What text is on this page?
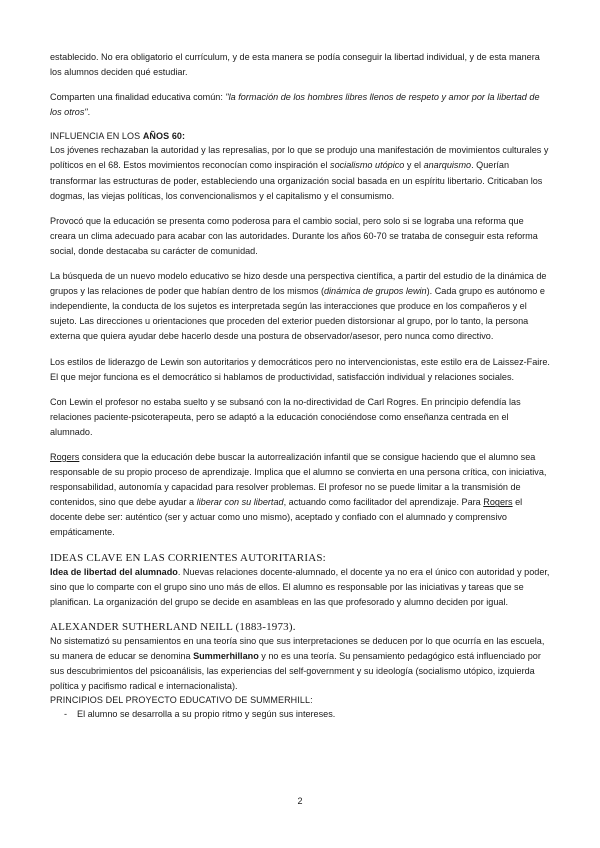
establecido. No era obligatorio el currículum, y de esta manera se podía conseguir la libertad individual, y de esta manera los alumnos deciden qué estudiar.

Comparten una finalidad educativa común: "la formación de los hombres libres llenos de respeto y amor por la libertad de los otros".

INFLUENCIA EN LOS AÑOS 60:

Los jóvenes rechazaban la autoridad y las represalias, por lo que se produjo una manifestación de movimientos culturales y políticos en el 68. Estos movimientos reconocían como inspiración el socialismo utópico y el anarquismo. Querían transformar las estructuras de poder, estableciendo una organización social basada en un espíritu libertario. Criticaban los dogmas, las viejas políticas, los convencionalismos y el capitalismo y el consumismo.

Provocó que la educación se presenta como poderosa para el cambio social, pero solo si se lograba una reforma que creara un clima adecuado para acabar con las autoridades. Durante los años 60-70 se trataba de conseguir esta reforma social, donde destacaba su carácter de comunidad.

La búsqueda de un nuevo modelo educativo se hizo desde una perspectiva científica, a partir del estudio de la dinámica de grupos y las relaciones de poder que habían dentro de los mismos (dinámica de grupos lewin). Cada grupo es autónomo e independiente, la conducta de los sujetos es interpretada según las interacciones que produce en los compañeros y el sujeto. Las direcciones u orientaciones que proceden del exterior pueden distorsionar al grupo, por lo tanto, la persona externa que quiera ayudar debe hacerlo desde una postura de observador/asesor, pero nunca como directivo.

Los estilos de liderazgo de Lewin son autoritarios y democráticos pero no intervencionistas, este estilo era de Laissez-Faire. El que mejor funciona es el democrático si hablamos de productividad, satisfacción individual y relaciones sociales.

Con Lewin el profesor no estaba suelto y se subsanó con la no-directividad de Carl Rogres. En principio defendía las relaciones paciente-psicoterapeuta, pero se adaptó a la educación conociéndose como enseñanza centrada en el alumnado.

Rogers considera que la educación debe buscar la autorrealización infantil que se consigue haciendo que el alumno sea responsable de su propio proceso de aprendizaje. Implica que el alumno se convierta en una persona crítica, con iniciativa, responsabilidad, autonomía y capacidad para resolver problemas. El profesor no se puede limitar a la transmisión de contenidos, sino que debe ayudar a liberar con su libertad, actuando como facilitador del aprendizaje. Para Rogers el docente debe ser: auténtico (ser y actuar como uno mismo), aceptado y confiado con el alumnado y comprensivo empáticamente.

IDEAS CLAVE EN LAS CORRIENTES AUTORITARIAS:

Idea de libertad del alumnado. Nuevas relaciones docente-alumnado, el docente ya no era el único con autoridad y poder, sino que lo comparte con el grupo sino uno más de ellos. El alumno es responsable por las iniciativas y tareas que se planifican. La organización del grupo se decide en asambleas en las que profesorado y alumno deciden por igual.

ALEXANDER SUTHERLAND NEILL (1883-1973).

No sistematizó su pensamientos en una teoría sino que sus interpretaciones se deducen por lo que ocurría en las escuela, su manera de educar se denomina Summerhillano y no es una teoría. Su pensamiento pedagógico está influenciado por sus descubrimientos del psicoanálisis, las experiencias del self-government y su ideología (socialismo utópico, izquierda política y pacifismo radical e internacionalista).

PRINCIPIOS DEL PROYECTO EDUCATIVO DE SUMMERHILL:
-	El alumno se desarrolla a su propio ritmo y según sus intereses.
2
